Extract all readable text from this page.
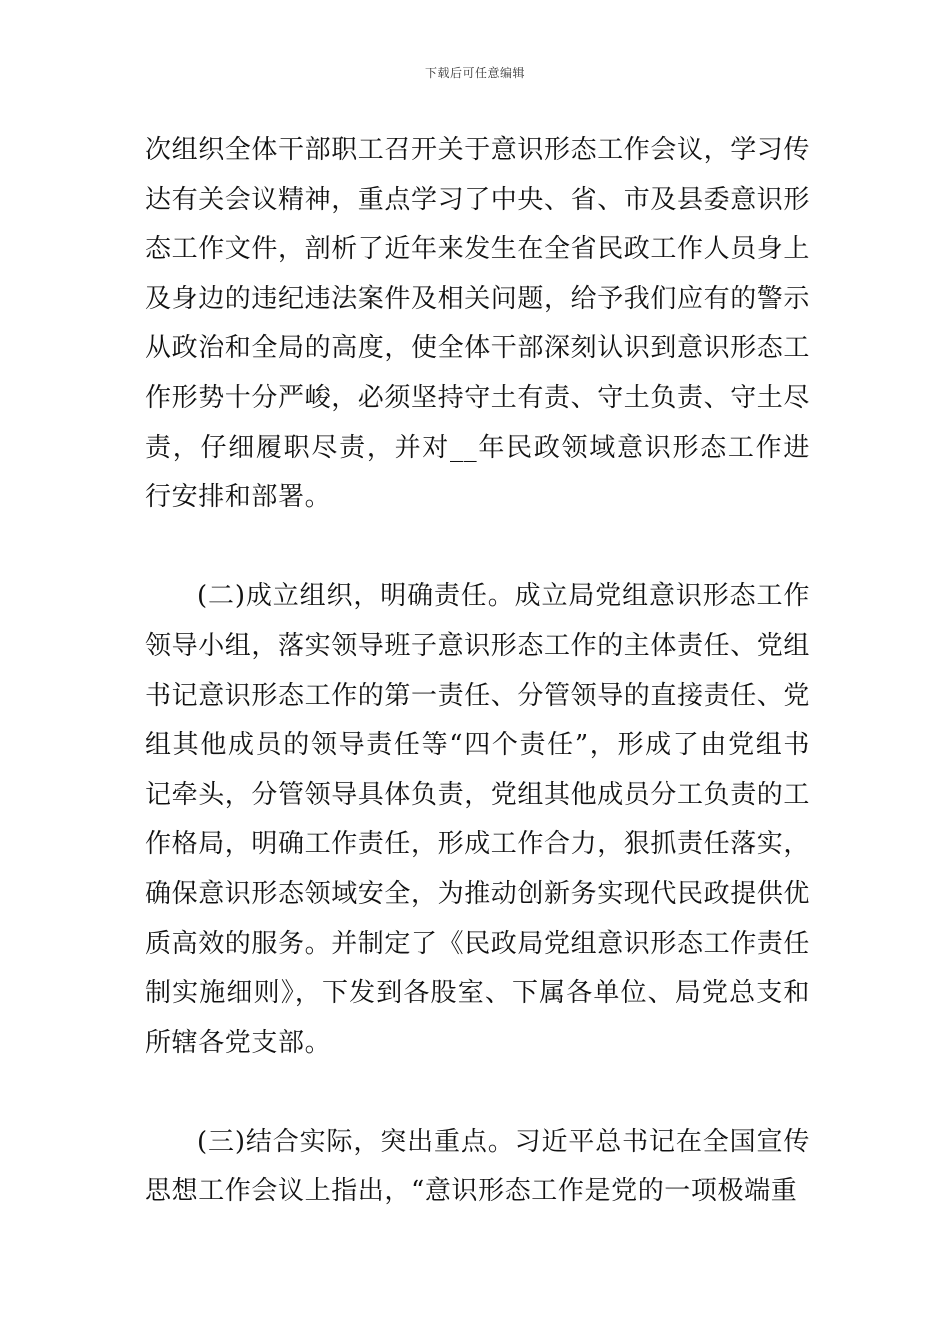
下载后可任意编辑

次组织全体干部职工召开关于意识形态工作会议，学习传达有关会议精神，重点学习了中央、省、市及县委意识形态工作文件，剖析了近年来发生在全省民政工作人员身上及身边的违纪违法案件及相关问题，给予我们应有的警示从政治和全局的高度，使全体干部深刻认识到意识形态工作形势十分严峻，必须坚持守土有责、守土负责、守土尽责，仔细履职尽责，并对__年民政领域意识形态工作进行安排和部署。

(二)成立组织，明确责任。成立局党组意识形态工作领导小组，落实领导班子意识形态工作的主体责任、党组书记意识形态工作的第一责任、分管领导的直接责任、党组其他成员的领导责任等“四个责任”，形成了由党组书记牵头，分管领导具体负责，党组其他成员分工负责的工作格局，明确工作责任，形成工作合力，狠抓责任落实，确保意识形态领域安全，为推动创新务实现代民政提供优质高效的服务。并制定了《民政局党组意识形态工作责任制实施细则》，下发到各股室、下属各单位、局党总支和所辖各党支部。

(三)结合实际，突出重点。习近平总书记在全国宣传思想工作会议上指出，“意识形态工作是党的一项极端重
